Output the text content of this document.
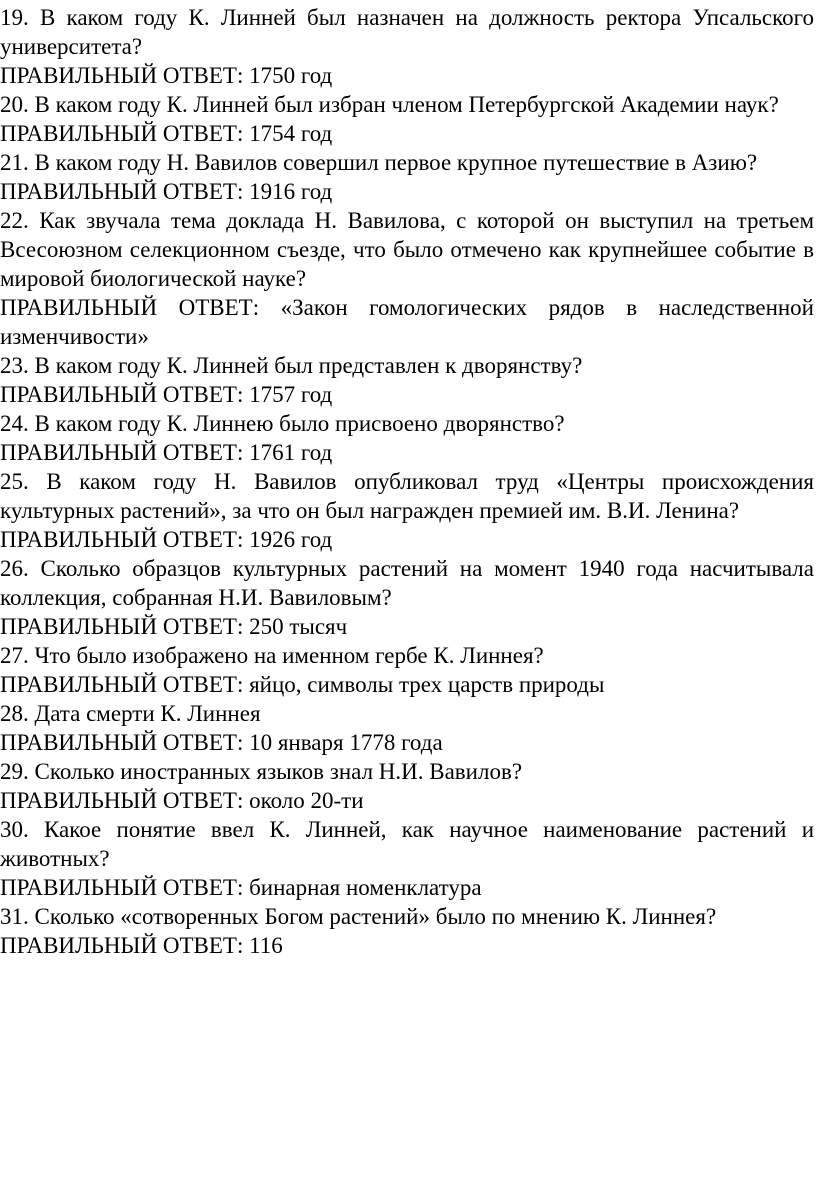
19. В каком году К. Линней был назначен на должность ректора Упсальского университета?

ПРАВИЛЬНЫЙ ОТВЕТ: 1750 год

20. В каком году К. Линней был избран членом Петербургской Академии наук?

ПРАВИЛЬНЫЙ ОТВЕТ: 1754 год

21. В каком году Н. Вавилов совершил первое крупное путешествие в Азию?

ПРАВИЛЬНЫЙ ОТВЕТ: 1916 год

22. Как звучала тема доклада Н. Вавилова, с которой он выступил на третьем Всесоюзном селекционном съезде, что было отмечено как крупнейшее событие в мировой биологической науке?

ПРАВИЛЬНЫЙ ОТВЕТ: «Закон гомологических рядов в наследственной изменчивости»

23. В каком году К. Линней был представлен к дворянству?

ПРАВИЛЬНЫЙ ОТВЕТ: 1757 год

24. В каком году К. Линнею было присвоено дворянство?

ПРАВИЛЬНЫЙ ОТВЕТ: 1761 год

25. В каком году Н. Вавилов опубликовал труд «Центры происхождения культурных растений», за что он был награжден премией им. В.И. Ленина?

ПРАВИЛЬНЫЙ ОТВЕТ: 1926 год

26. Сколько образцов культурных растений на момент 1940 года насчитывала коллекция, собранная Н.И. Вавиловым?

ПРАВИЛЬНЫЙ ОТВЕТ: 250 тысяч

27. Что было изображено на именном гербе К. Линнея?

ПРАВИЛЬНЫЙ ОТВЕТ: яйцо, символы трех царств природы

28. Дата смерти К. Линнея

ПРАВИЛЬНЫЙ ОТВЕТ: 10 января 1778 года

29. Сколько иностранных языков знал Н.И. Вавилов?

ПРАВИЛЬНЫЙ ОТВЕТ: около 20-ти

30. Какое понятие ввел К. Линней, как научное наименование растений и животных?

ПРАВИЛЬНЫЙ ОТВЕТ: бинарная номенклатура

31. Сколько «сотворенных Богом растений» было по мнению К. Линнея?

ПРАВИЛЬНЫЙ ОТВЕТ: 116
